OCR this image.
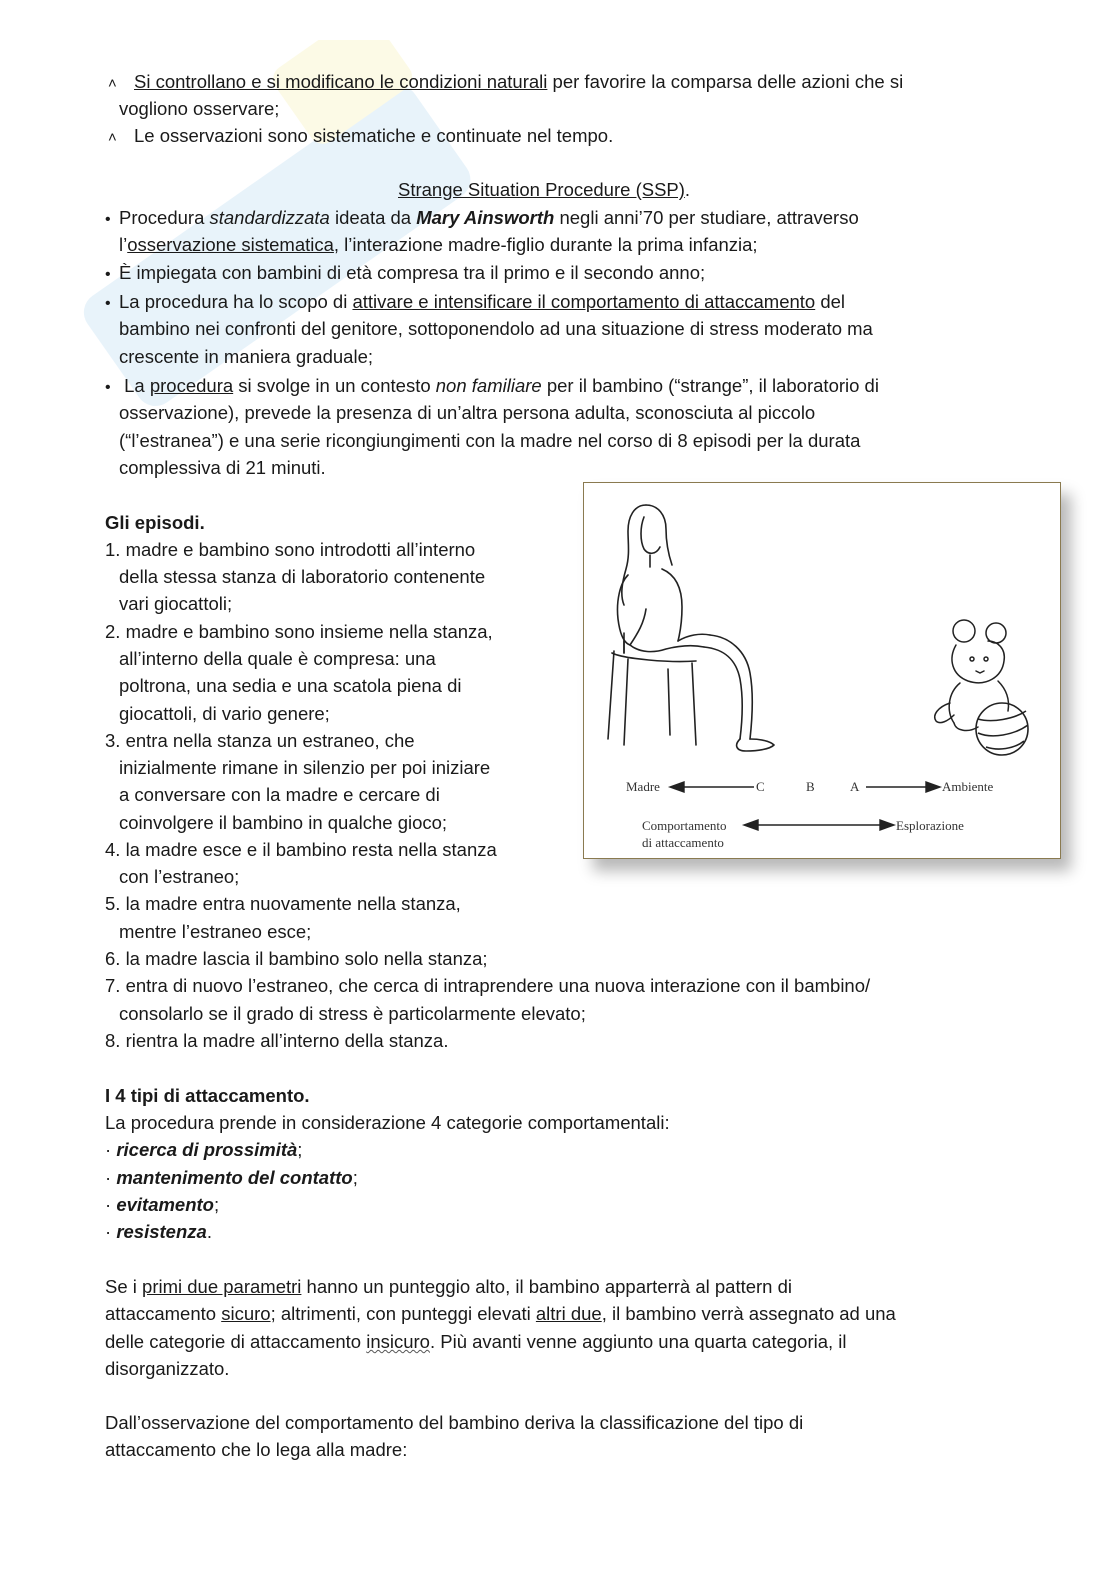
˄ Si controllano e si modificano le condizioni naturali per favorire la comparsa delle azioni che si
vogliono osservare;
˄ Le osservazioni sono sistematiche e continuate nel tempo.
Strange Situation Procedure (SSP).
• Procedura standardizzata ideata da Mary Ainsworth negli anni’70 per studiare, attraverso
l’osservazione sistematica, l’interazione madre-figlio durante la prima infanzia;
• È impiegata con bambini di età compresa tra il primo e il secondo anno;
• La procedura ha lo scopo di attivare e intensificare il comportamento di attaccamento del
bambino nei confronti del genitore, sottoponendolo ad una situazione di stress moderato ma
crescente in maniera graduale;
• La procedura si svolge in un contesto non familiare per il bambino (“strange”, il laboratorio di
osservazione), prevede la presenza di un’altra persona adulta, sconosciuta al piccolo
(“l’estranea”) e una serie ricongiungimenti con la madre nel corso di 8 episodi per la durata
complessiva di 21 minuti.
Gli episodi.
1. madre e bambino sono introdotti all’interno
della stessa stanza di laboratorio contenente
vari giocattoli;
2. madre e bambino sono insieme nella stanza,
all’interno della quale è compresa: una
poltrona, una sedia e una scatola piena di
giocattoli, di vario genere;
3. entra nella stanza un estraneo, che
inizialmente rimane in silenzio per poi iniziare
a conversare con la madre e cercare di
coinvolgere il bambino in qualche gioco;
4. la madre esce e il bambino resta nella stanza
con l’estraneo;
5. la madre entra nuovamente nella stanza,
mentre l’estraneo esce;
6. la madre lascia il bambino solo nella stanza;
7. entra di nuovo l’estraneo, che cerca di intraprendere una nuova interazione con il bambino/
consolarlo se il grado di stress è particolarmente elevato;
8. rientra la madre all’interno della stanza.
Madre	C	B	A	Ambiente
Comportamento
di attaccamento
Esplorazione
I 4 tipi di attaccamento.
La procedura prende in considerazione 4 categorie comportamentali:
· ricerca di prossimità;
· mantenimento del contatto;
· evitamento;
· resistenza.
Se i primi due parametri hanno un punteggio alto, il bambino apparterrà al pattern di
attaccamento sicuro; altrimenti, con punteggi elevati altri due, il bambino verrà assegnato ad una
delle categorie di attaccamento insicuro. Più avanti venne aggiunto una quarta categoria, il
disorganizzato.
Dall’osservazione del comportamento del bambino deriva la classificazione del tipo di
attaccamento che lo lega alla madre:
